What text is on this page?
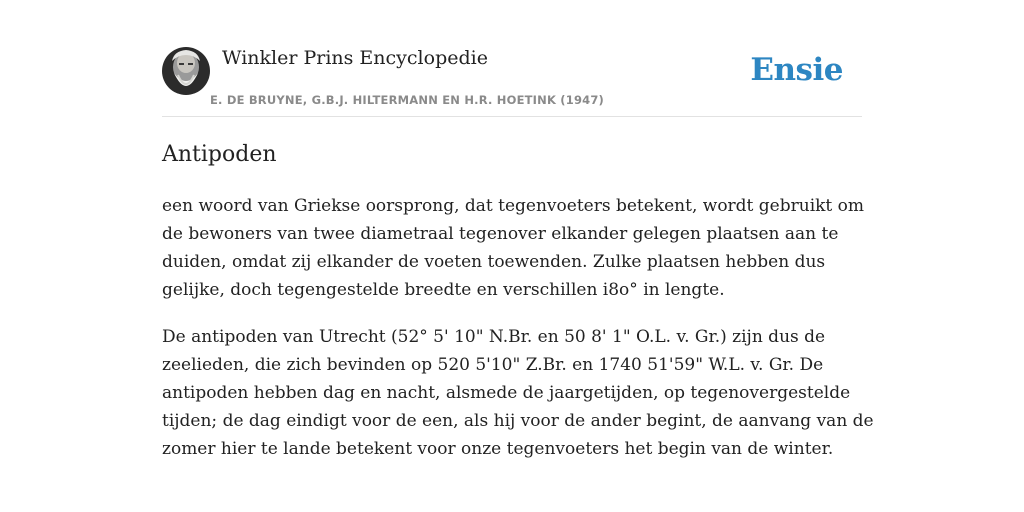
Winkler Prins Encyclopedie
E. DE BRUYNE, G.B.J. HILTERMANN EN H.R. HOETINK (1947)
Ensie
Antipoden

een woord van Griekse oorsprong, dat tegenvoeters betekent, wordt gebruikt om
de bewoners van twee diametraal tegenover elkander gelegen plaatsen aan te
duiden, omdat zij elkander de voeten toewenden. Zulke plaatsen hebben dus
gelijke, doch tegengestelde breedte en verschillen i8o° in lengte.

De antipoden van Utrecht (52° 5' 10" N.Br. en 50 8' 1" O.L. v. Gr.) zijn dus de
zeelieden, die zich bevinden op 520 5'10" Z.Br. en 1740 51'59" W.L. v. Gr. De
antipoden hebben dag en nacht, alsmede de jaargetijden, op tegenovergestelde
tijden; de dag eindigt voor de een, als hij voor de ander begint, de aanvang van de
zomer hier te lande betekent voor onze tegenvoeters het begin van de winter.
